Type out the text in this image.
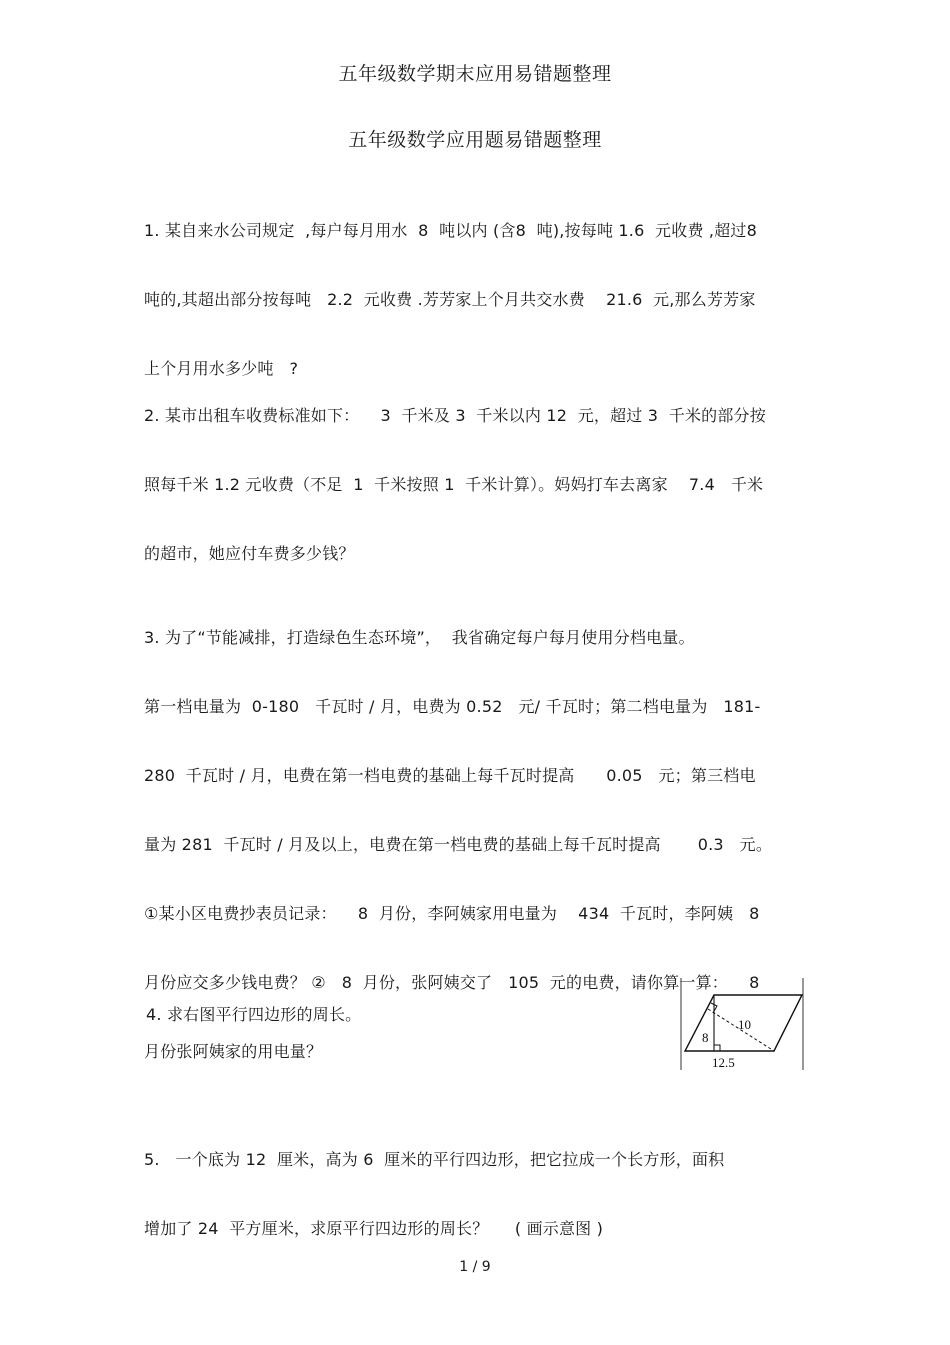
五年级数学期末应用易错题整理
五年级数学应用题易错题整理

1. 某自来水公司规定  ,每户每月用水  8  吨以内 (含8  吨),按每吨 1.6  元收费 ,超过8

吨的,其超出部分按每吨   2.2  元收费 .芳芳家上个月共交水费    21.6  元,那么芳芳家

上个月用水多少吨   ?

2. 某市出租车收费标准如下：    3  千米及 3  千米以内 12  元，超过 3  千米的部分按

照每千米 1.2 元收费（不足  1  千米按照 1  千米计算）。妈妈打车去离家    7.4   千米

的超市，她应付车费多少钱？

3. 为了“节能减排，打造绿色生态环境”，  我省确定每户每月使用分档电量。

第一档电量为  0-180   千瓦时 / 月，电费为 0.52   元/ 千瓦时；第二档电量为   181-

280  千瓦时 / 月，电费在第一档电费的基础上每千瓦时提高      0.05   元；第三档电

量为 281  千瓦时 / 月及以上，电费在第一档电费的基础上每千瓦时提高       0.3   元。

①某小区电费抄表员记录：    8  月份，李阿姨家用电量为    434  千瓦时，李阿姨   8

月份应交多少钱电费？ ②   8  月份，张阿姨交了   105  元的电费，请你算一算：    8

月份张阿姨家的用电量？

4. 求右图平行四边形的周长。

8
10
12.5

5.   一个底为 12  厘米，高为 6  厘米的平行四边形，把它拉成一个长方形，面积

增加了 24  平方厘米，求原平行四边形的周长？     ( 画示意图 )

1 / 9
